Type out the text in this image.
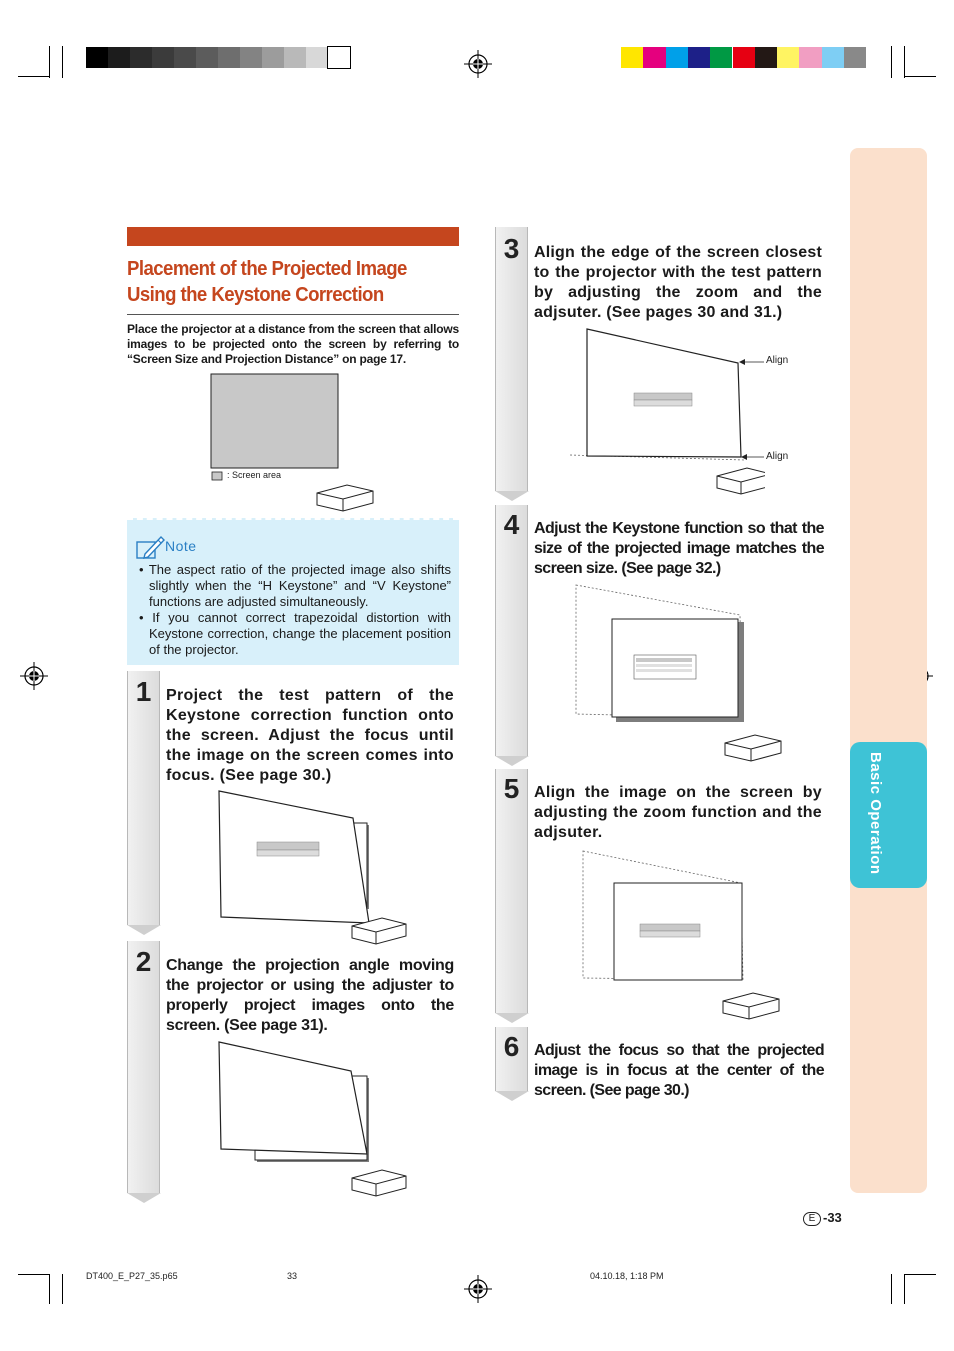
Basic Operation
Placement of the Projected Image
Using the Keystone Correction
Place the projector at a distance from the screen that allows images to be projected onto the screen by referring to “Screen Size and Projection Distance” on page 17.
: Screen area
Note
• The aspect ratio of the projected image also shifts slightly when the “H Keystone” and “V Keystone” functions are adjusted simultaneously.
• If you cannot correct trapezoidal distortion with Keystone correction, change the placement position of the projector.
1 Project the test pattern of the Keystone correction function onto the screen. Adjust the focus until the image on the screen comes into focus. (See page 30.)
2 Change the projection angle moving the projector or using the adjuster to properly project images onto the screen. (See page 31).
3 Align the edge of the screen closest to the projector with the test pattern by adjusting the zoom and the adjsuter. (See pages 30 and 31.)
Align
Align
4 Adjust the Keystone function so that the size of the projected image matches the screen size. (See page 32.)
5 Align the image on the screen by adjusting the zoom function and the adjsuter.
6 Adjust the focus so that the projected image is in focus at the center of the screen. (See page 30.)
E -33
DT400_E_P27_35.p65	33	04.10.18, 1:18 PM
